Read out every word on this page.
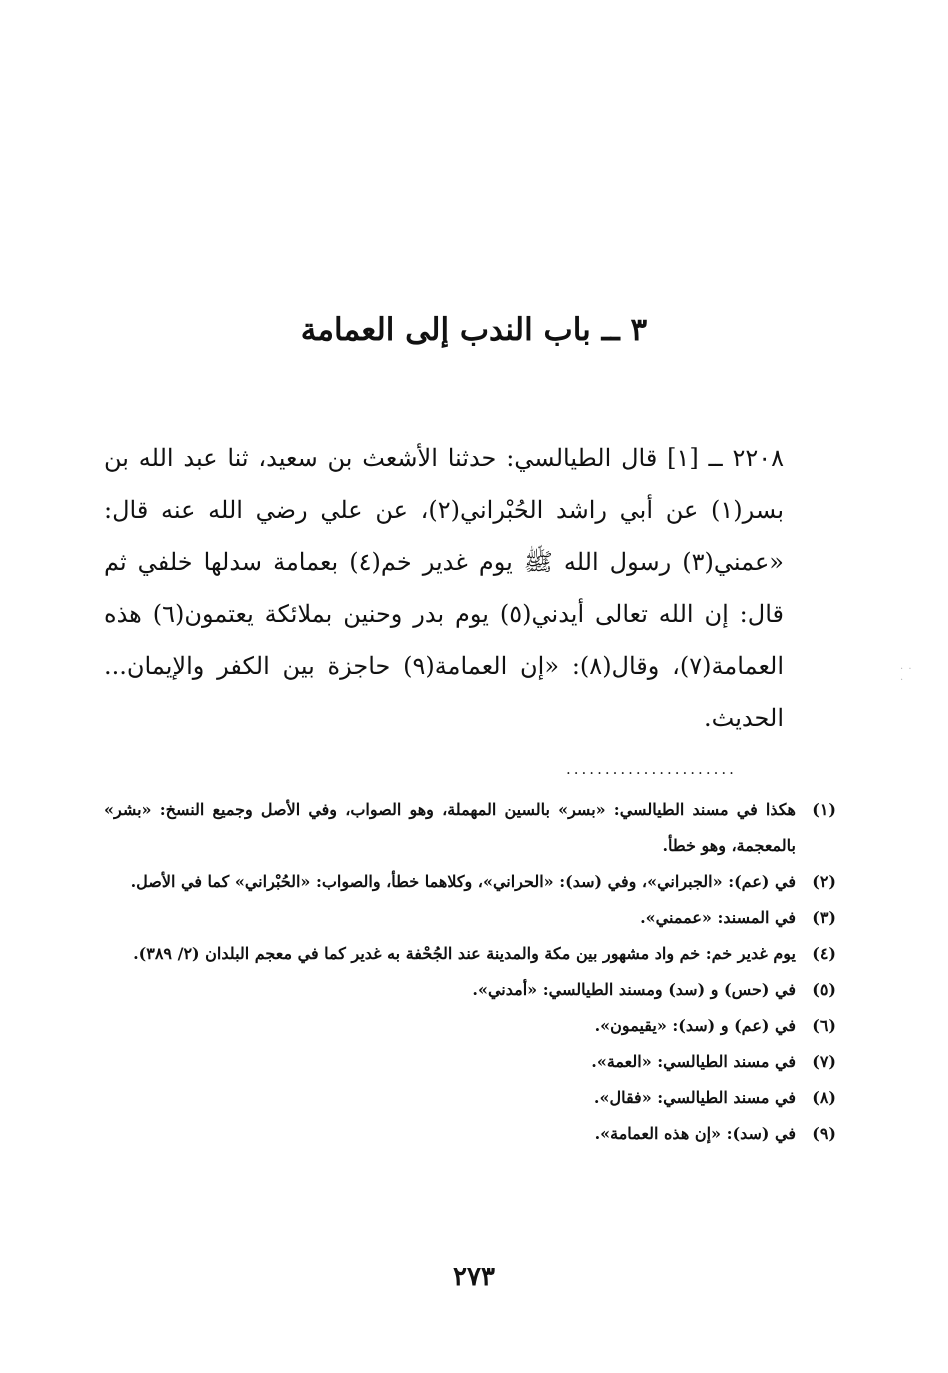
٣ ــ باب الندب إلى العمامة

٢٢٠٨ ــ [١] قال الطيالسي: حدثنا الأشعث بن سعيد، ثنا عبد الله بن بسر(١) عن أبي راشد الحُبْراني(٢)، عن علي رضي الله عنه قال: «عمني(٣) رسول الله ﷺ يوم غدير خم(٤) بعمامة سدلها خلفي ثم قال: إن الله تعالى أيدني(٥) يوم بدر وحنين بملائكة يعتمون(٦) هذه العمامة(٧)، وقال(٨): «إن العمامة(٩) حاجزة بين الكفر والإيمان... الحديث.

......................
(١)
هكذا في مسند الطيالسي: «بسر» بالسين المهملة، وهو الصواب، وفي الأصل وجميع النسخ: «بشر» بالمعجمة، وهو خطأ.
(٢)
في (عم): «الجبراني»، وفي (سد): «الحراني»، وكلاهما خطأ، والصواب: «الحُبْراني» كما في الأصل.
(٣)
في المسند: «عممني».
(٤)
يوم غدير خم: خم واد مشهور بين مكة والمدينة عند الجُحْفة به غدير كما في معجم البلدان (٢/ ٣٨٩).
(٥)
في (حس) و (سد) ومسند الطيالسي: «أمدني».
(٦)
في (عم) و (سد): «يقيمون».
(٧)
في مسند الطيالسي: «العمة».
(٨)
في مسند الطيالسي: «فقال».
(٩)
في (سد): «إن هذه العمامة».
٢٧٣
· · ·
